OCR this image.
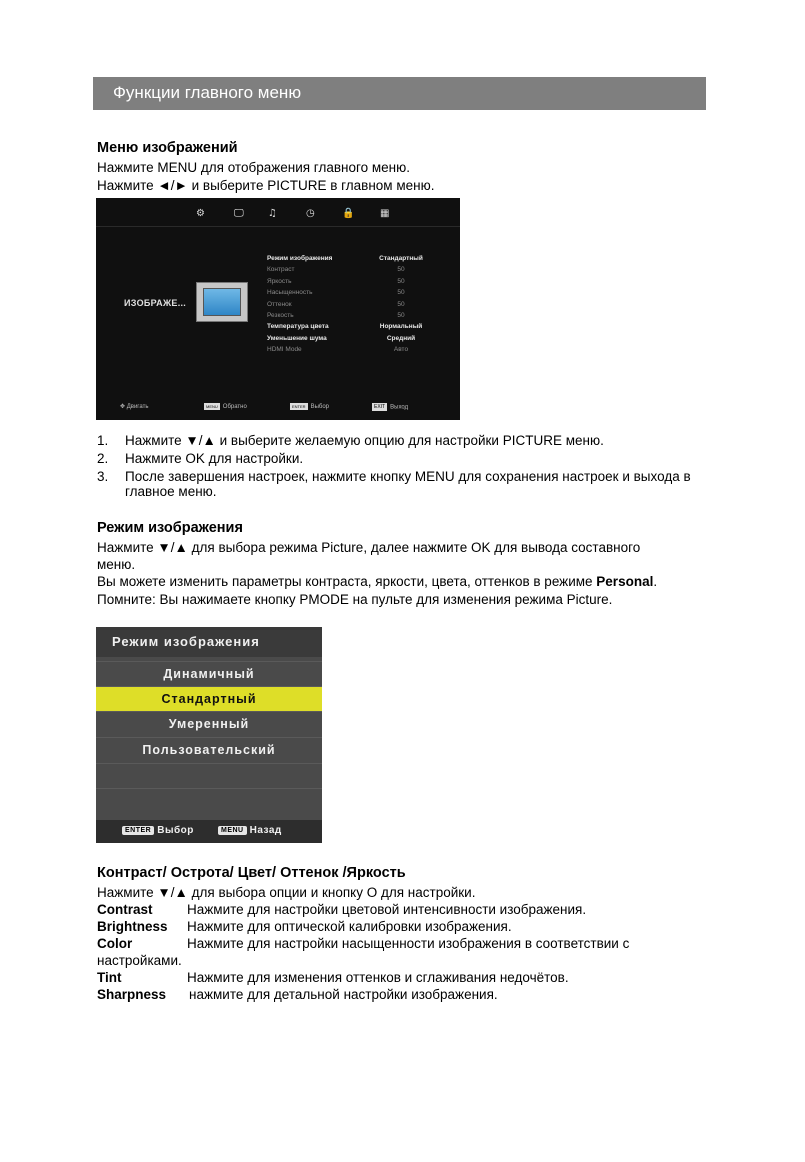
Функции главного меню
Меню изображений
Нажмите MENU для отображения главного меню.
Нажмите ◄/► и выберите PICTURE в главном меню.
⚙	🖵 ♫	◷	🔒	▦
ИЗОБРАЖЕ...
Режим изображения	Стандартный
Контраст	50
Яркость	50
Насыщенность	50
Оттенок	50
Резкость	50
Температура цвета	Нормальный
Уменьшение шума	Средний
HDMI Mode	Авто
✥ Двигать	MENU Обратно	ENTER Выбор	EXIT Выход
1. Нажмите ▼/▲ и выберите желаемую опцию для настройки PICTURE меню.
2. Нажмите OK для настройки.
3. После завершения настроек, нажмите кнопку MENU для сохранения настроек и выхода в главное меню.
Режим изображения
Нажмите ▼/▲ для выбора режима Picture, далее нажмите OK для вывода составного
меню.
Вы можете изменить параметры контраста, яркости, цвета, оттенков в режиме Personal.
Помните: Вы нажимаете кнопку PMODE на пульте для изменения режима Picture.
Режим изображения
Динамичный
Стандартный
Умеренный
Пользовательский
ENTER Выбор	MENU Назад
Контраст/ Острота/ Цвет/ Оттенок /Яркость
Нажмите ▼/▲ для выбора опции и кнопку О для настройки.
Contrast	Нажмите для настройки цветовой интенсивности изображения.
Brightness Нажмите для оптической калибровки изображения.
Color	Нажмите для настройки насыщенности изображения в соответствии с
настройками.
Tint	Нажмите для изменения оттенков и сглаживания недочётов.
Sharpness нажмите для детальной настройки изображения.
